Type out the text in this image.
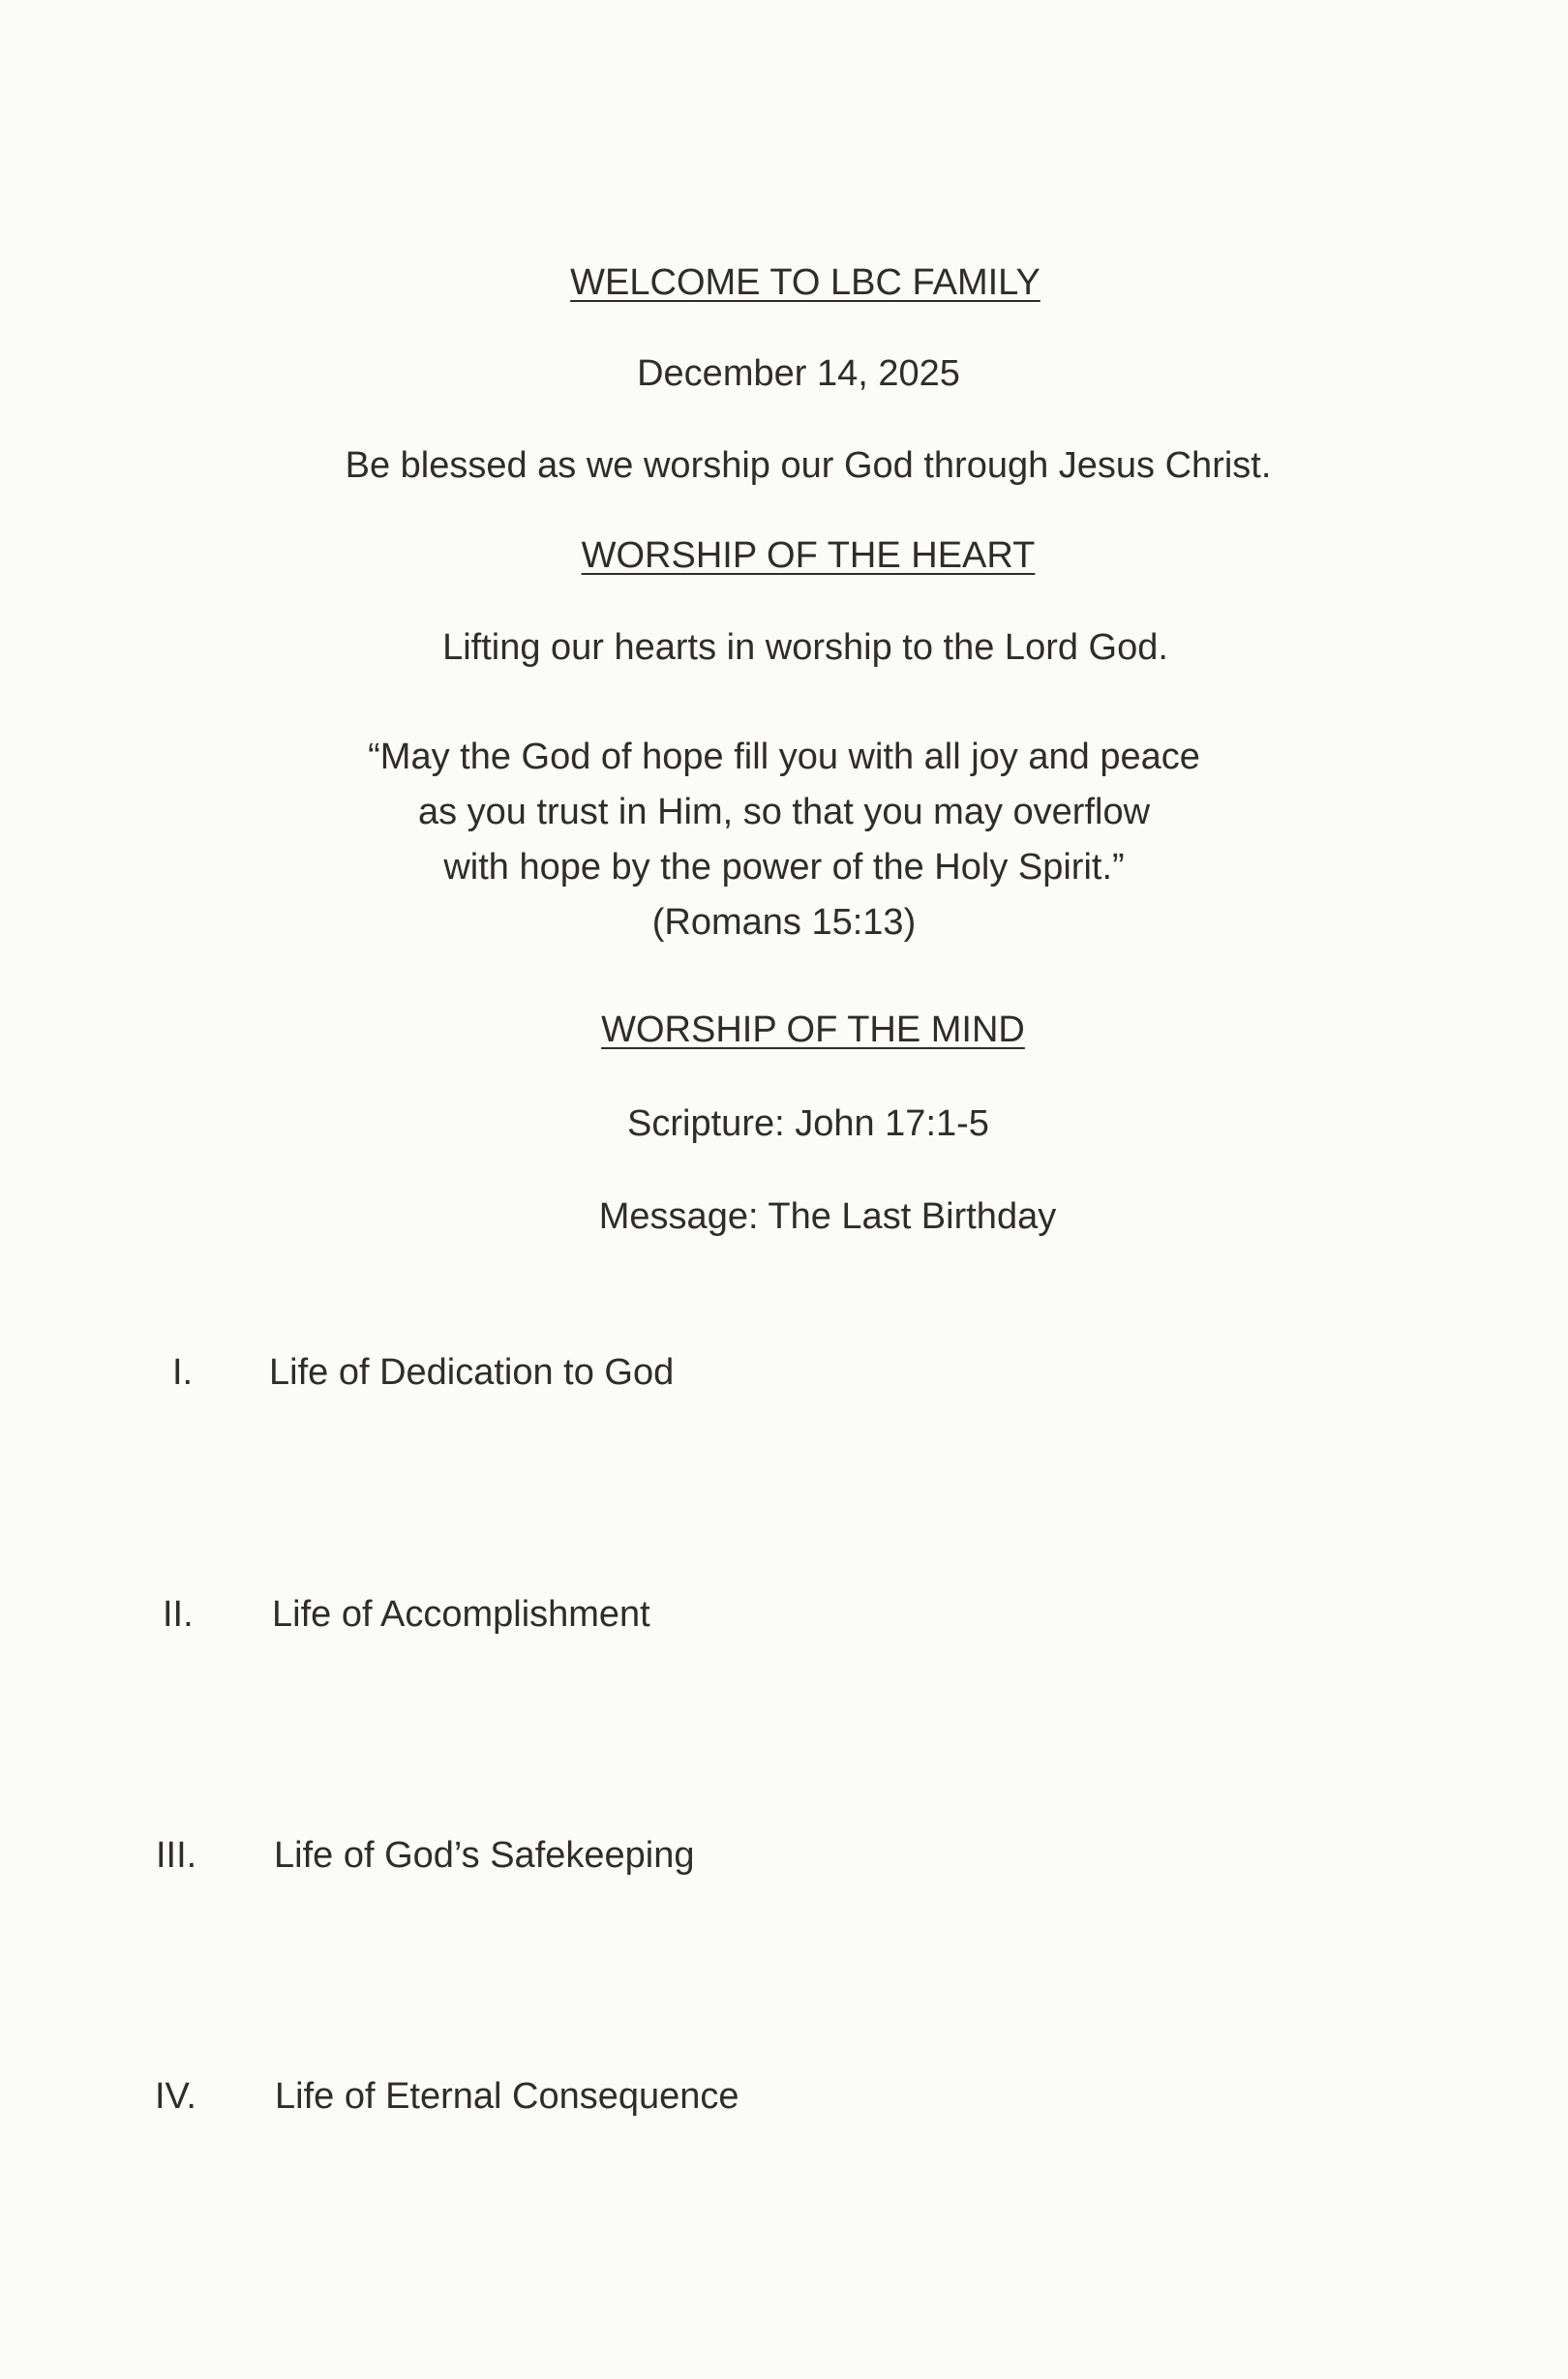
WELCOME TO LBC FAMILY
December 14, 2025
Be blessed as we worship our God through Jesus Christ.
WORSHIP OF THE HEART
Lifting our hearts in worship to the Lord God.
“May the God of hope fill you with all joy and peace
as you trust in Him, so that you may overflow
with hope by the power of the Holy Spirit.”
(Romans 15:13)
WORSHIP OF THE MIND
Scripture: John 17:1-5
Message: The Last Birthday
I. Life of Dedication to God
II. Life of Accomplishment
III. Life of God’s Safekeeping
IV. Life of Eternal Consequence
